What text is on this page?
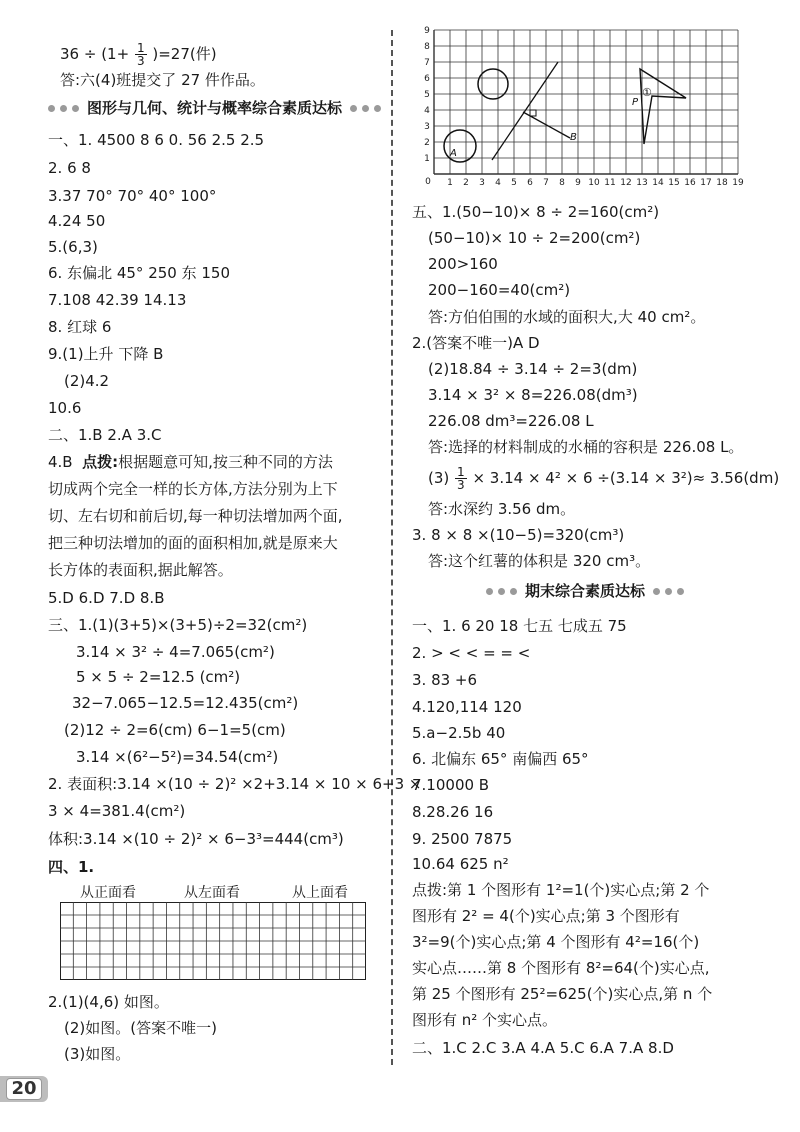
$36 \div (1+ \frac{1}{3} )=27$(件)
答:六(4)班提交了 27 件作品。
图形与几何、统计与概率综合素质达标
一、1. 4500 8 6 0. 56 2.5 2.5
2. 6 8
3.37 70° 70° 40° 100°
4.24 50
5.(6,3)
6. 东偏北 45° 250 东 150
7.108 42.39 14.13
8. 红球 6
9.(1)上升 下降 B
(2)4.2
10.6
二、1.B 2.A 3.C
4.B 点拨:根据题意可知,按三种不同的方法
切成两个完全一样的长方体,方法分别为上下
切、左右切和前后切,每一种切法增加两个面,
把三种切法增加的面的面积相加,就是原来大
长方体的表面积,据此解答。
5.D 6.D 7.D 8.B
三、1.(1)(3+5)×(3+5)÷2=32(cm²)
3.14 × 3² ÷ 4=7.065(cm²)
5 × 5 ÷ 2=12.5 (cm²)
32−7.065−12.5=12.435(cm²)
(2)12 ÷ 2=6(cm) 6−1=5(cm)
3.14 ×(6²−5²)=34.54(cm²)
2. 表面积:3.14 ×(10 ÷ 2)² ×2+3.14 × 10 × 6+3 ×
3 × 4=381.4(cm²)
体积:3.14 ×(10 ÷ 2)² × 6−3³=444(cm³)
四、1.
2.(1)(4,6) 如图。
(2)如图。(答案不唯一)
(3)如图。
从正面看	从左面看	从上面看
0 1 2 3 4 5 6 7 8 9 10 11 12 13 14 15 16 17 18 19
1
2
3
4
5
6
7
8
9
A
B
P
①
五、1.(50−10)× 8 ÷ 2=160(cm²)
(50−10)× 10 ÷ 2=200(cm²)
200>160
200−160=40(cm²)
答:方伯伯围的水域的面积大,大 40 cm²。
2.(答案不唯一)A D
(2)18.84 ÷ 3.14 ÷ 2=3(dm)
3.14 × 3² × 8=226.08(dm³)
226.08 dm³=226.08 L
答:选择的材料制成的水桶的容积是 226.08 L。
$(3) \frac{1}{3} \times 3.14 \times 4^2 \times 6 \div(3.14 \times 3^2)\approx 3.56(dm)$
答:水深约 3.56 dm。
3. 8 × 8 ×(10−5)=320(cm³)
答:这个红薯的体积是 320 cm³。
期末综合素质达标
一、1. 6 20 18 七五 七成五 75
2. > < < = = <
3. 83 +6
4.120,114 120
5.a−2.5b 40
6. 北偏东 65° 南偏西 65°
7.10000 B
8.28.26 16
9. 2500 7875
10.64 625 n²
点拨:第 1 个图形有 1²=1(个)实心点;第 2 个
图形有 2² = 4(个)实心点;第 3 个图形有
3²=9(个)实心点;第 4 个图形有 4²=16(个)
实心点……第 8 个图形有 8²=64(个)实心点,
第 25 个图形有 25²=625(个)实心点,第 n 个
图形有 n² 个实心点。
二、1.C 2.C 3.A 4.A 5.C 6.A 7.A 8.D
20
